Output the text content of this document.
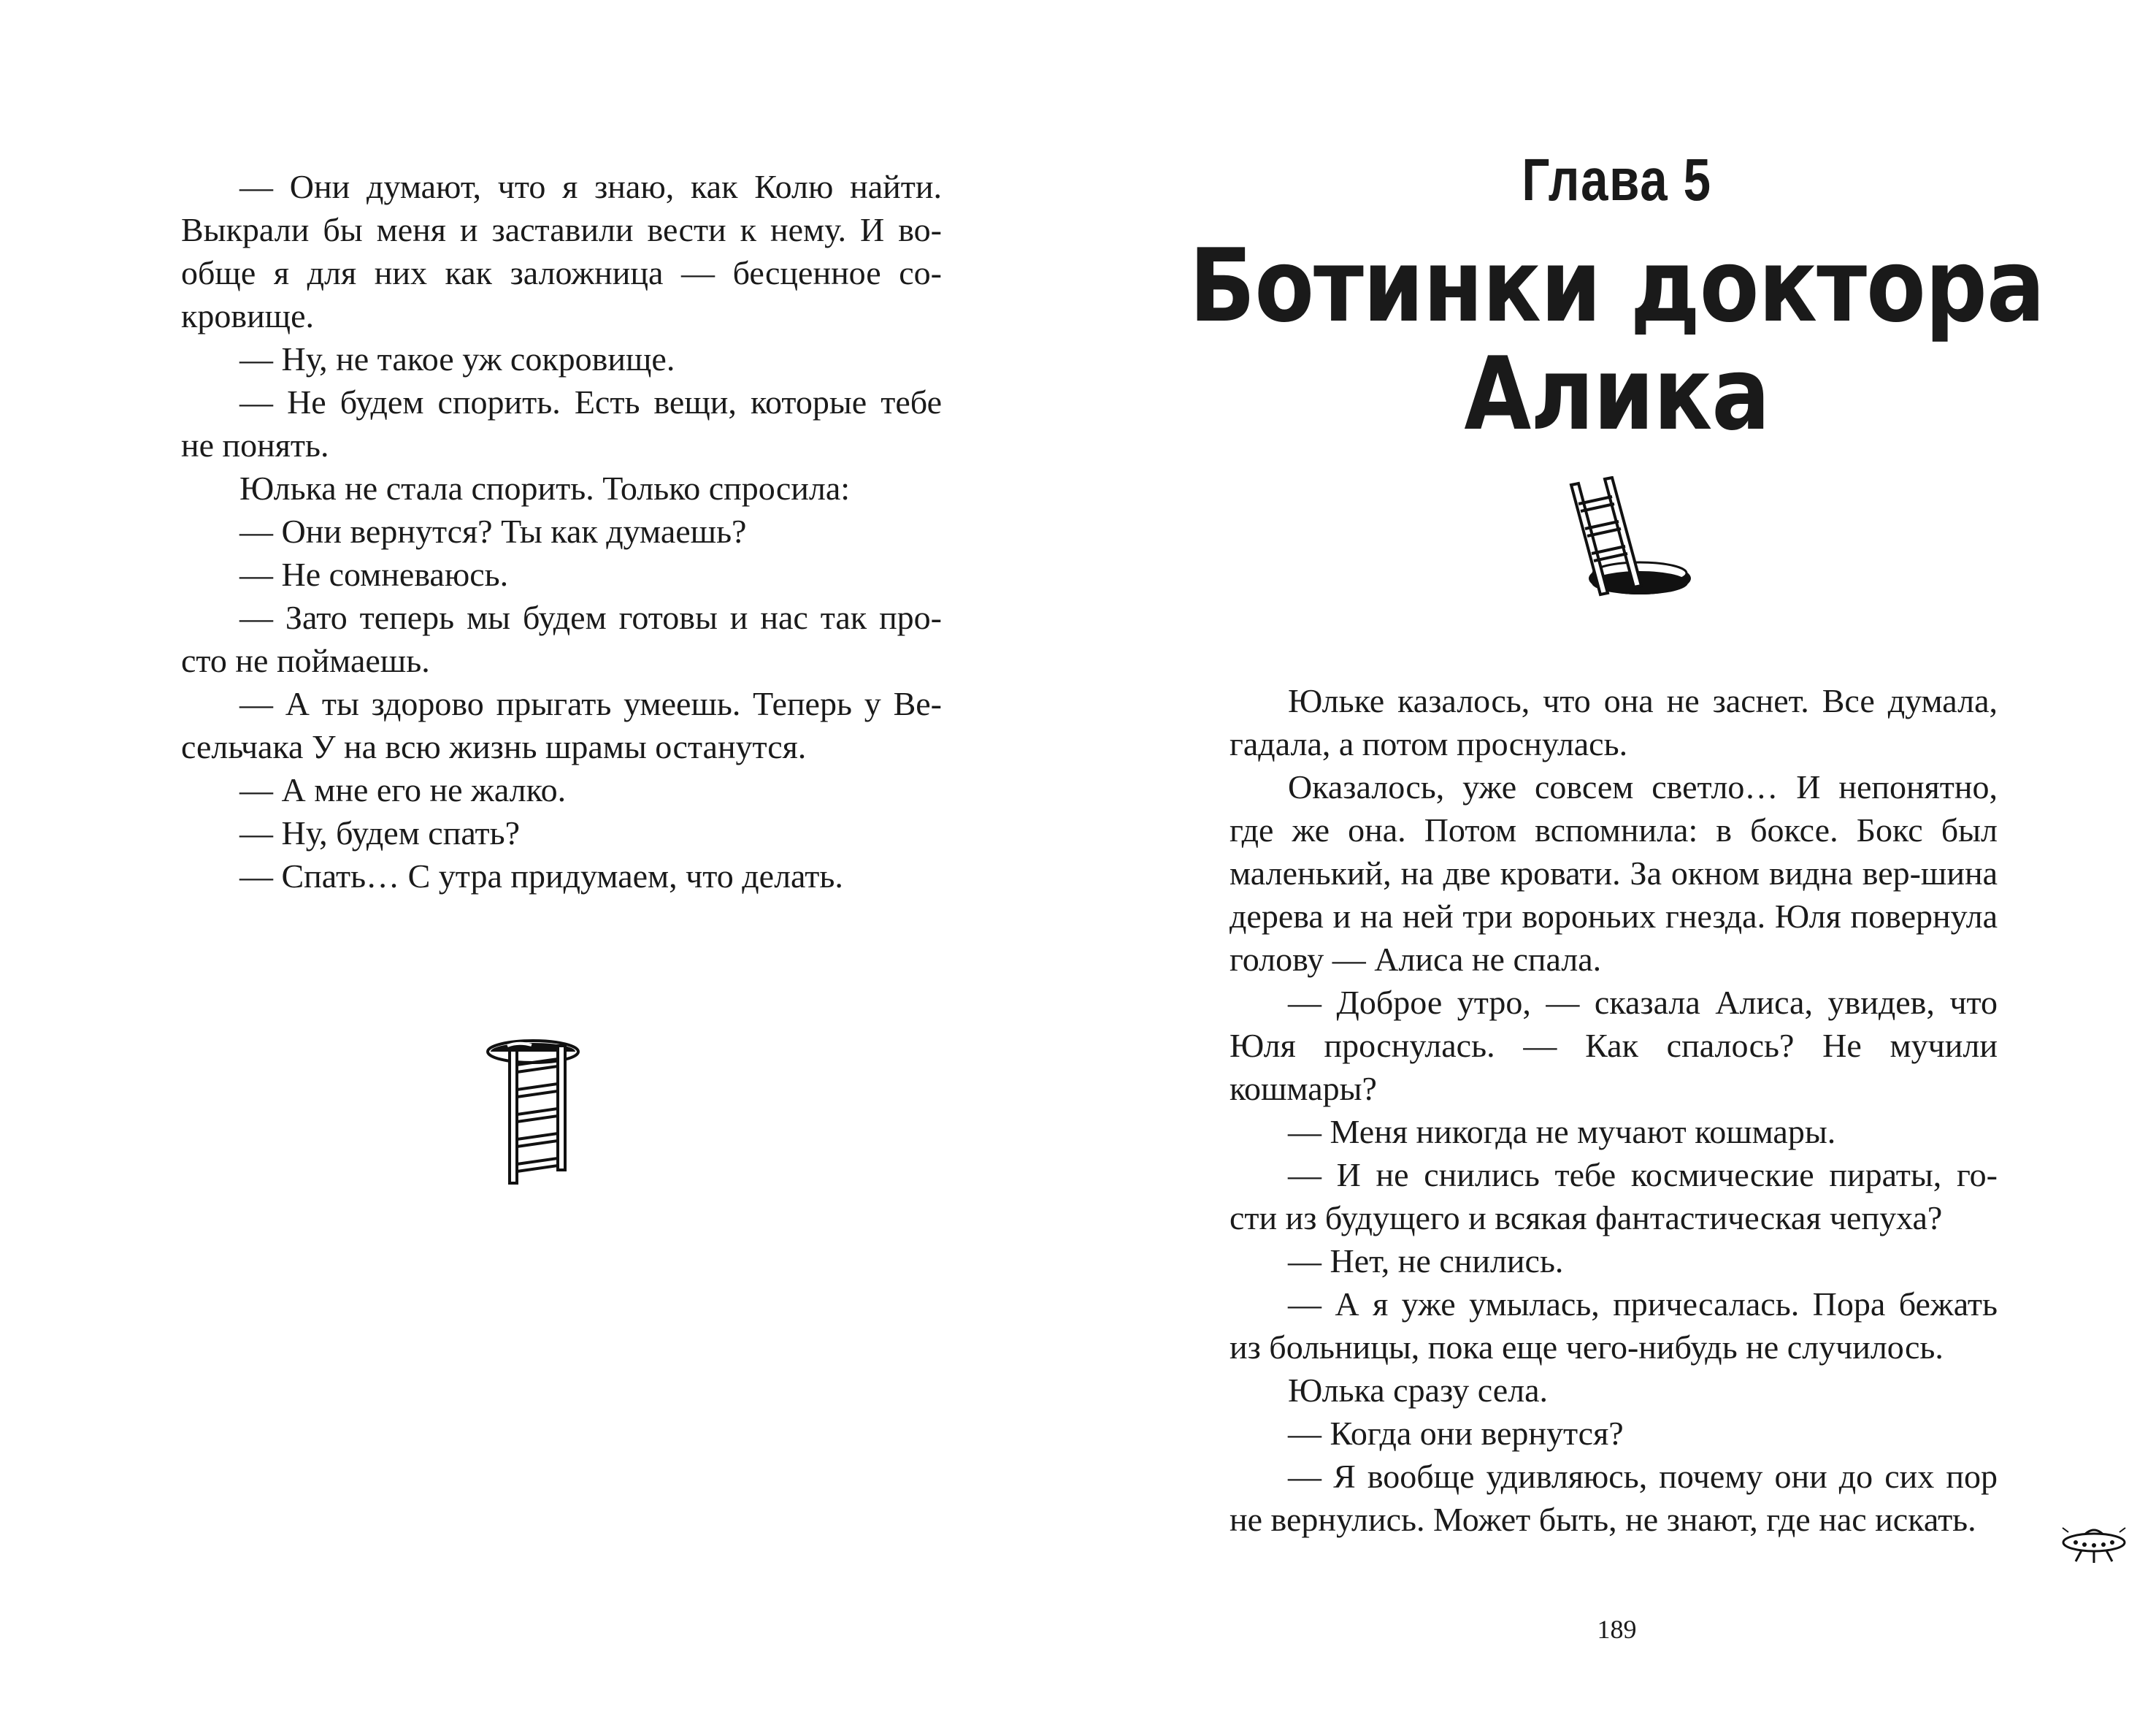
— Они думают, что я знаю, как Колю найти. Выкрали бы меня и заставили вести к нему. И во-обще я для них как заложница — бесценное со-кровище.

— Ну, не такое уж сокровище.

— Не будем спорить. Есть вещи, которые тебе не понять.

Юлька не стала спорить. Только спросила:

— Они вернутся? Ты как думаешь?

— Не сомневаюсь.

— Зато теперь мы будем готовы и нас так про-сто не поймаешь.

— А ты здорово прыгать умеешь. Теперь у Ве-сельчака У на всю жизнь шрамы останутся.

— А мне его не жалко.

— Ну, будем спать?

— Спать… С утра придумаем, что делать.

Глава 5
Ботинки доктора
Алика

Юльке казалось, что она не заснет. Все думала, гадала, а потом проснулась.

Оказалось, уже совсем светло… И непонятно, где же она. Потом вспомнила: в боксе. Бокс был маленький, на две кровати. За окном видна вер-шина дерева и на ней три вороньих гнезда. Юля повернула голову — Алиса не спала.

— Доброе утро, — сказала Алиса, увидев, что Юля проснулась. — Как спалось? Не мучили кошмары?

— Меня никогда не мучают кошмары.

— И не снились тебе космические пираты, го-сти из будущего и всякая фантастическая чепуха?

— Нет, не снились.

— А я уже умылась, причесалась. Пора бежать из больницы, пока еще чего-нибудь не случилось.

Юлька сразу села.

— Когда они вернутся?

— Я вообще удивляюсь, почему они до сих пор не вернулись. Может быть, не знают, где нас искать.

189
